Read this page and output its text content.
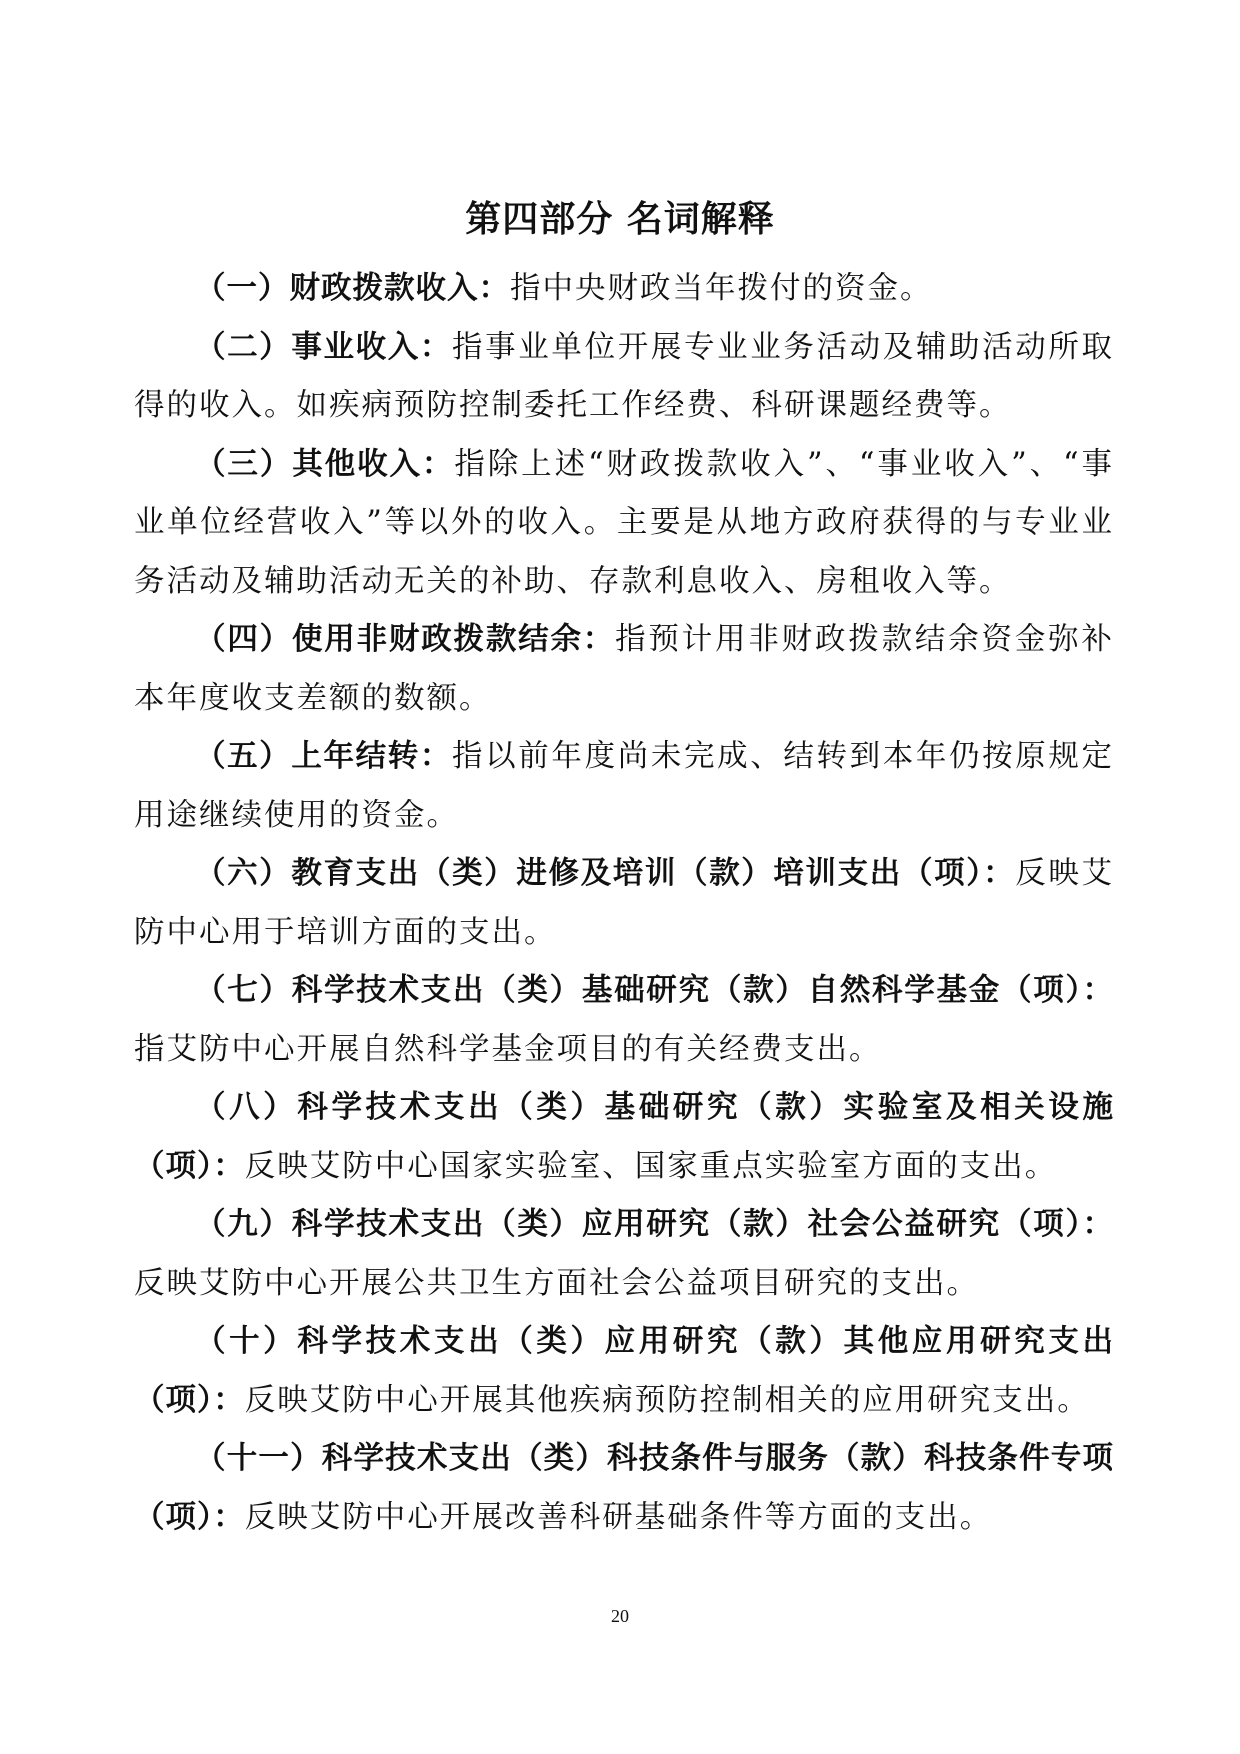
第四部分 名词解释

（一）财政拨款收入：指中央财政当年拨付的资金。

（二）事业收入：指事业单位开展专业业务活动及辅助活动所取得的收入。如疾病预防控制委托工作经费、科研课题经费等。

（三）其他收入：指除上述“财政拨款收入”、“事业收入”、“事业单位经营收入”等以外的收入。主要是从地方政府获得的与专业业务活动及辅助活动无关的补助、存款利息收入、房租收入等。

（四）使用非财政拨款结余：指预计用非财政拨款结余资金弥补本年度收支差额的数额。

（五）上年结转：指以前年度尚未完成、结转到本年仍按原规定用途继续使用的资金。

（六）教育支出（类）进修及培训（款）培训支出（项）：反映艾防中心用于培训方面的支出。

（七）科学技术支出（类）基础研究（款）自然科学基金（项）：指艾防中心开展自然科学基金项目的有关经费支出。

（八）科学技术支出（类）基础研究（款）实验室及相关设施（项）：反映艾防中心国家实验室、国家重点实验室方面的支出。

（九）科学技术支出（类）应用研究（款）社会公益研究（项）：反映艾防中心开展公共卫生方面社会公益项目研究的支出。

（十）科学技术支出（类）应用研究（款）其他应用研究支出（项）：反映艾防中心开展其他疾病预防控制相关的应用研究支出。

（十一）科学技术支出（类）科技条件与服务（款）科技条件专项（项）：反映艾防中心开展改善科研基础条件等方面的支出。

20
